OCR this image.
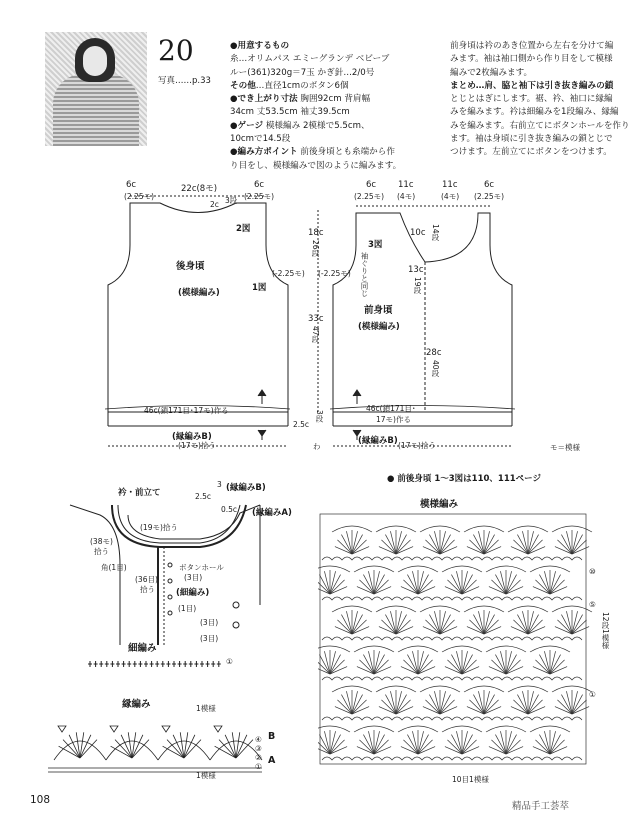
20
写真……p.33

●用意するもの

糸…オリムパス エミーグランデ ベビーブ

ルー(361)320g＝7玉 かぎ針…2/0号

その他…直径1cmのボタン6個

●でき上がり寸法 胸囲92cm 背肩幅

34cm 丈53.5cm 袖丈39.5cm

●ゲージ 模様編み 2模様で5.5cm、

10cmで14.5段

●編み方ポイント 前後身頃とも糸端から作

り目をし、模様編みで図のように編みます。

前身頃は衿のあき位置から左右を分けて編

みます。袖は袖口側から作り目をして模様

編みで2枚編みます。

まとめ…肩、脇と袖下は引き抜き編みの鎖

とじとはぎにします。裾、衿、袖口に縁編

みを編みます。衿は細編みを1段編み、縁編

みを編みます。右前立てにボタンホールを作り

ます。袖は身頃に引き抜き編みの鎖とじで

つけます。左前立てにボタンをつけます。

6c
(2.25モ)
22c(8モ)	6c
(2.25モ)
2c 3段
2図
後身頃
(模様編み)	1図
(-2.25モ)
46c(鎖171目･17モ)作る
(縁編みB)
(17モ)拾う
18c
26段
33c
47段
2.5c
3段
わ
6c
(2.25モ)
11c
(4モ)
11c
(4モ)
6c
(2.25モ)
3図
10c 14段
袖ぐりと同じ
(-2.25モ)	13c
19段
前身頃
(模様編み)
28c
40段
46c(鎖171目･
17モ)作る
(縁編みB) (17モ)拾う	モ＝模様
● 前後身頃 1～3図は110、111ページ
衿・前立て
3 (縁編みB)
2.5c
0.5c (縁編みA)
(19モ)拾う
(38モ)
拾う
角(1目)	ボタンホール
(3目)
(36目)
拾う (細編み)
(1目)
(3目)
(3目)
細編み
①
縁編み	1模様
④
③
②
①
B
A
1模様
模様編み
⑩
⑤
①
12段1模様
10目1模様
108
精品手工荟萃
